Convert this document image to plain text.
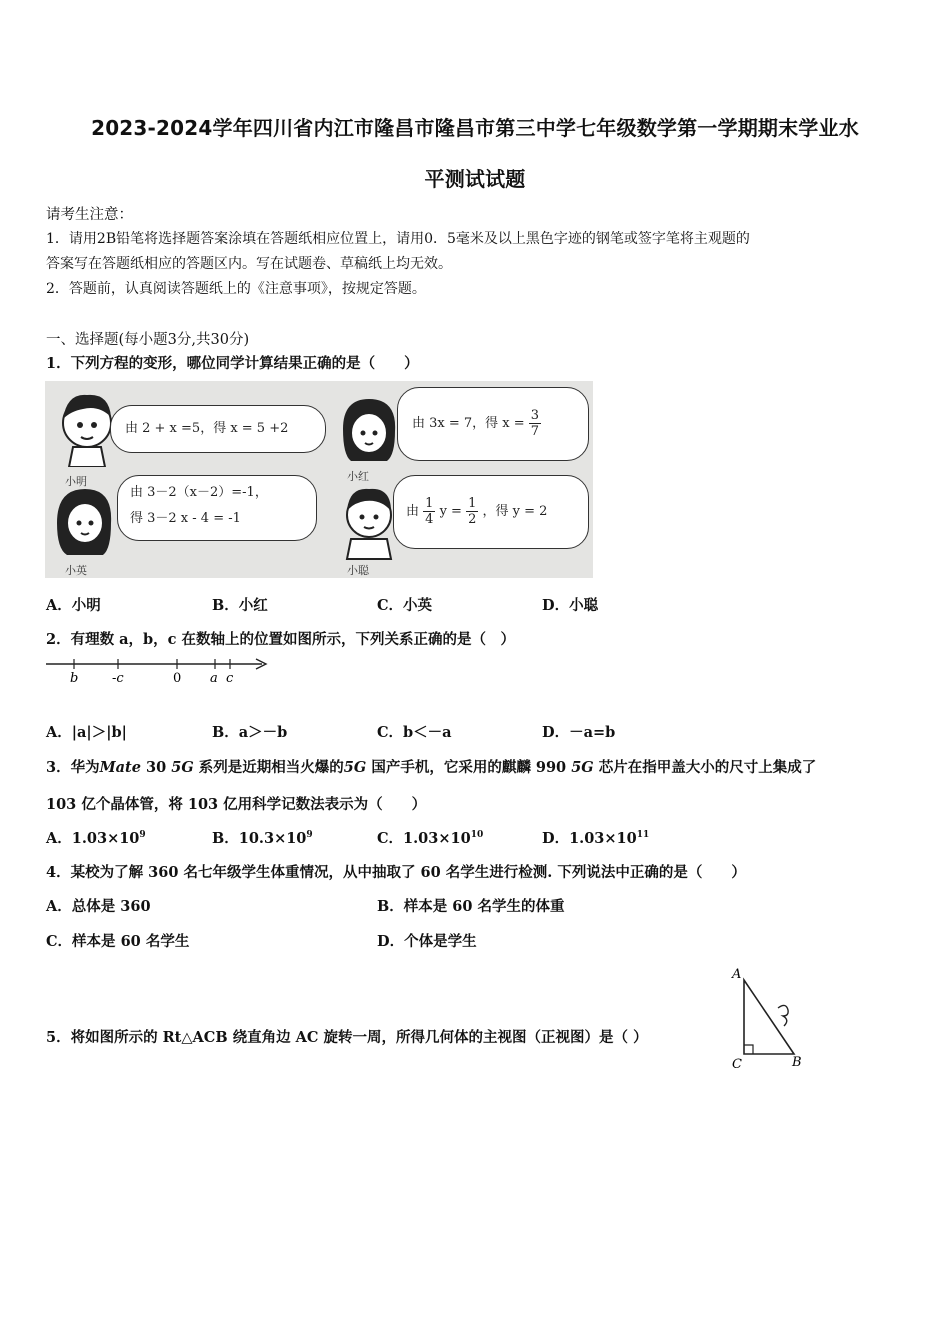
2023-2024学年四川省内江市隆昌市隆昌市第三中学七年级数学第一学期期末学业水
平测试试题
请考生注意：
1．请用2B铅笔将选择题答案涂填在答题纸相应位置上，请用0．5毫米及以上黑色字迹的钢笔或签字笔将主观题的
答案写在答题纸相应的答题区内。写在试题卷、草稿纸上均无效。
2．答题前，认真阅读答题纸上的《注意事项》，按规定答题。
一、选择题(每小题3分,共30分)
1．下列方程的变形，哪位同学计算结果正确的是（　　）
小明
由 2 + x =5，得 x = 5 +2
小红
由 3x = 7，得 $x = \frac{3}{7}$
小英
由 3－2（x－2）=-1，
得 3－2 x - 4 = -1
小聪
由 $\frac{1}{4}$ $y = \frac{1}{2}$ ，得 y = 2
A．小明	B．小红	C．小英	D．小聪
2．有理数 a，b，c 在数轴上的位置如图所示，下列关系正确的是（　）
b	-c	0 a c
A．|a|＞|b|	B．a＞－b	C．b＜－a	D．－a=b
3．华为Mate 30 5G 系列是近期相当火爆的5G 国产手机，它采用的麒麟 990 5G 芯片在指甲盖大小的尺寸上集成了
103 亿个晶体管，将 103 亿用科学记数法表示为（　　）
A．$1.03\times 10^9$	B．$10.3\times 10^9$	C．$1.03\times 10^{10}$	D．$1.03\times 10^{11}$
4．某校为了解 360 名七年级学生体重情况，从中抽取了 60 名学生进行检测. 下列说法中正确的是（　　）
A．总体是 360	B．样本是 60 名学生的体重
C．样本是 60 名学生	D．个体是学生
5．将如图所示的 Rt△ACB 绕直角边 AC 旋转一周，所得几何体的主视图（正视图）是（ ）
A
C	B
